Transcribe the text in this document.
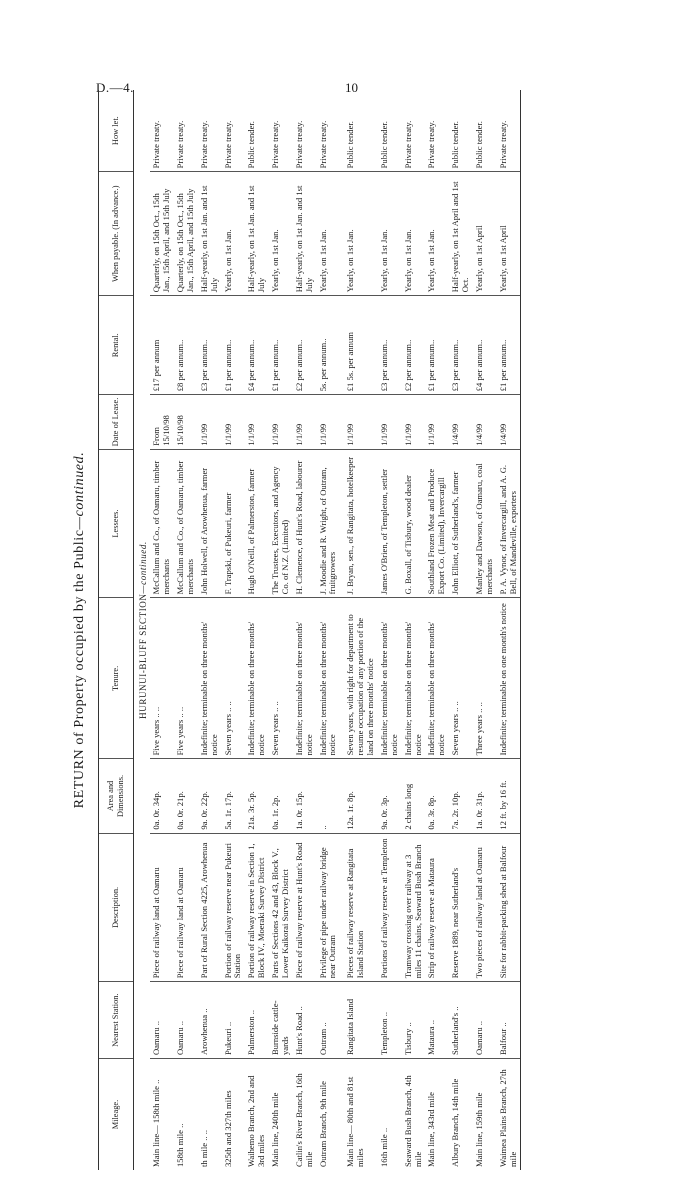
D.—4.	10
RETURN of Property occupied by the Public—continued.
Mileage.	Nearest Station.	Description.	Area and Dimensions.	Tenure.	Lessees.	Date of Lease.	Rental.	When payable. (In advance.)	How let.
HURUNUI-BLUFF SECTION—continued.									
Main line— 158th mile ..	Oamaru ..	Piece of railway land at Oamaru	0a. 0r. 34p.	Five years .. ..	McCallum and Co., of Oamaru, timber merchants	From 15/10/98	£17 per annum	Quarterly, on 15th Oct., 15th Jan., 15th April, and 15th July	Private treaty.
158th mile ..	Oamaru ..	Piece of railway land at Oamaru	0a. 0r. 21p.	Five years .. ..	McCallum and Co., of Oamaru, timber merchants	15/10/98	£8 per annum..	Quarterly, on 15th Oct., 15th Jan., 15th April, and 15th July	Private treaty.
th mile .. ..	Arowhenua ..	Part of Rural Section 4225, Arowhenua	9a. 0r. 22p.	Indefinite; terminable on three months' notice	John Holwell, of Arowhenua, farmer	1/1/99	£3 per annum..	Half-yearly, on 1st Jan. and 1st July	Private treaty.
325th and 327th miles	Pukeuri ..	Portion of railway reserve near Pukeuri Station	5a. 1r. 17p.	Seven years .. ..	F. Trapski, of Pukeuri, farmer	1/1/99	£1 per annum..	Yearly, on 1st Jan.	Private treaty.
Waihemo Branch, 2nd and 3rd miles	Palmerston ..	Portion of railway reserve in Section 1, Block IV., Moeraki Survey District	21a. 3r. 5p.	Indefinite; terminable on three months' notice	Hugh O'Neill, of Palmerston, farmer	1/1/99	£4 per annum..	Half-yearly, on 1st Jan. and 1st July	Public tender.
Main line, 240th mile	Burnside cattle-yards	Parts of Sections 42 and 43, Block V., Lower Kaikorai Survey District	0a. 1r. 2p.	Seven years .. ..	The Trustees, Executors, and Agency Co. of N.Z. (Limited)	1/1/99	£1 per annum..	Yearly, on 1st Jan.	Private treaty.
Catlin's River Branch, 16th mile	Hunt's Road ..	Piece of railway reserve at Hunt's Road	1a. 0r. 15p.	Indefinite; terminable on three months' notice	H. Clemence, of Hunt's Road, labourer	1/1/99	£2 per annum..	Half-yearly, on 1st Jan. and 1st July	Private treaty.
Outram Branch, 9th mile	Outram ..	Privilege of pipe under railway bridge near Outram	..	Indefinite; terminable on three months' notice	J. Moodie and R. Wright, of Outram, fruitgrowers	1/1/99	5s. per annum..	Yearly, on 1st Jan.	Private treaty.
Main line— 80th and 81st miles	Rangitata Island	Pieces of railway reserve at Rangitata Island Station	12a. 1r. 8p.	Seven years, with right for department to resume occupation of any portion of the land on three months' notice	J. Bryan, sen., of Rangitata, hotelkeeper	1/1/99	£1 5s. per annum	Yearly, on 1st Jan.	Public tender.
16th mile ..	Templeton ..	Portions of railway reserve at Templeton	9a. 0r. 3p.	Indefinite; terminable on three months' notice	James O'Brien, of Templeton, settler	1/1/99	£3 per annum..	Yearly, on 1st Jan.	Public tender.
Seaward Bush Branch, 4th mile	Tisbury ..	Tramway crossing over railway at 3 miles 11 chains, Seaward Bush Branch	2 chains long	Indefinite; terminable on three months' notice	G. Boxall, of Tisbury, wood dealer	1/1/99	£2 per annum..	Yearly, on 1st Jan.	Private treaty.
Main line, 343rd mile	Mataura ..	Strip of railway reserve at Mataura	0a. 3r. 8p.	Indefinite; terminable on three months' notice	Southland Frozen Meat and Produce Export Co. (Limited), Invercargill	1/1/99	£1 per annum..	Yearly, on 1st Jan.	Private treaty.
Albury Branch, 14th mile	Sutherland's ..	Reserve 1889, near Sutherland's	7a. 2r. 10p.	Seven years .. ..	John Elliott, of Sutherland's, farmer	1/4/99	£3 per annum..	Half-yearly, on 1st April and 1st Oct.	Public tender.
Main line, 159th mile	Oamaru ..	Two pieces of railway land at Oamaru	1a. 0r. 31p.	Three years .. ..	Manley and Dawson, of Oamaru, coal merchants	1/4/99	£4 per annum..	Yearly, on 1st April	Public tender.
Waimea Plains Branch, 27th mile	Balfour ..	Site for rabbit-packing shed at Balfour	12 ft. by 16 ft.	Indefinite; terminable on one month's notice	P. A. Vynor, of Invercargill, and A. G. Bell, of Mandeville, exporters	1/4/99	£1 per annum..	Yearly, on 1st April	Private treaty.
